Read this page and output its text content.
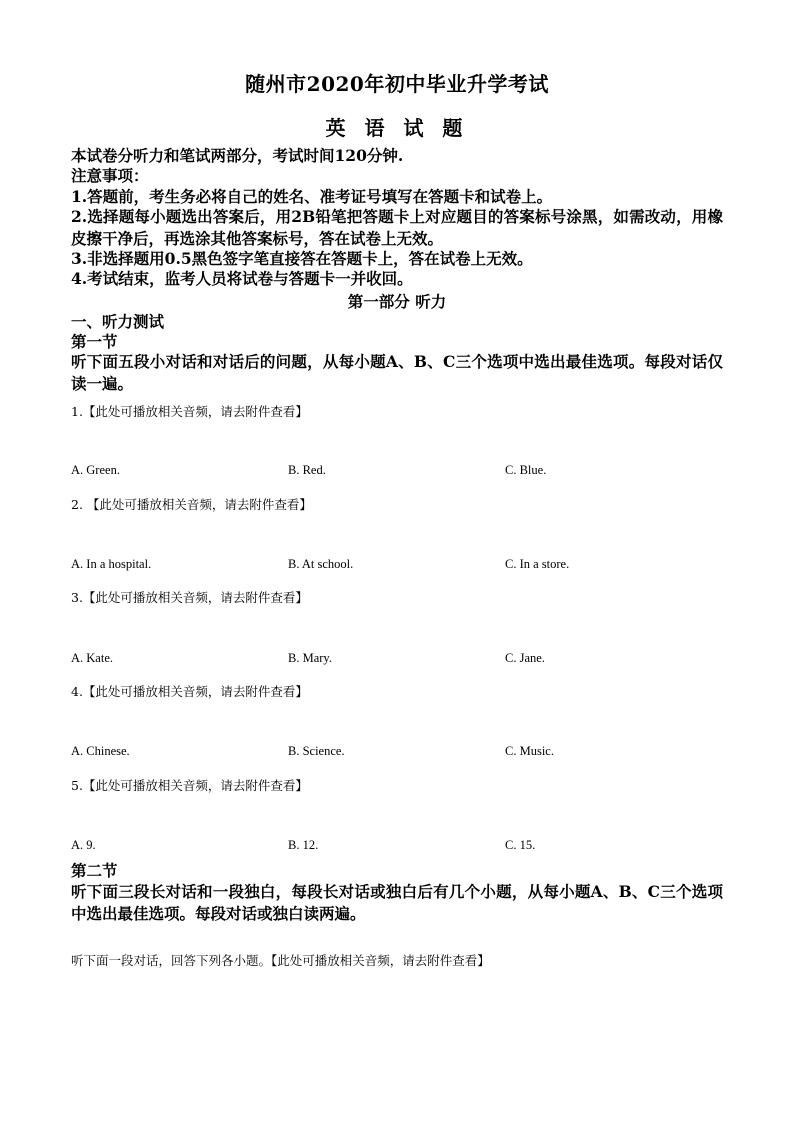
随州市2020年初中毕业升学考试
英 语 试 题
本试卷分听力和笔试两部分，考试时间120分钟.
注意事项：
1.答题前，考生务必将自己的姓名、准考证号填写在答题卡和试卷上。
2.选择题每小题选出答案后，用2B铅笔把答题卡上对应题目的答案标号涂黑，如需改动，用橡皮擦干净后，再选涂其他答案标号，答在试卷上无效。
3.非选择题用0.5黑色签字笔直接答在答题卡上，答在试卷上无效。
4.考试结束，监考人员将试卷与答题卡一并收回。
第一部分 听力
一、听力测试
第一节
听下面五段小对话和对话后的问题，从每小题A、B、C三个选项中选出最佳选项。每段对话仅读一遍。
1.【此处可播放相关音频，请去附件查看】
A. Green.	B. Red.	C. Blue.
2. 【此处可播放相关音频，请去附件查看】
A. In a hospital.	B. At school.	C. In a store.
3.【此处可播放相关音频，请去附件查看】
A. Kate.	B. Mary.	C. Jane.
4.【此处可播放相关音频，请去附件查看】
A. Chinese.	B. Science.	C. Music.
5.【此处可播放相关音频，请去附件查看】
A. 9.	B. 12.	C. 15.
第二节
听下面三段长对话和一段独白，每段长对话或独白后有几个小题，从每小题A、B、C三个选项中选出最佳选项。每段对话或独白读两遍。
听下面一段对话，回答下列各小题。【此处可播放相关音频，请去附件查看】
